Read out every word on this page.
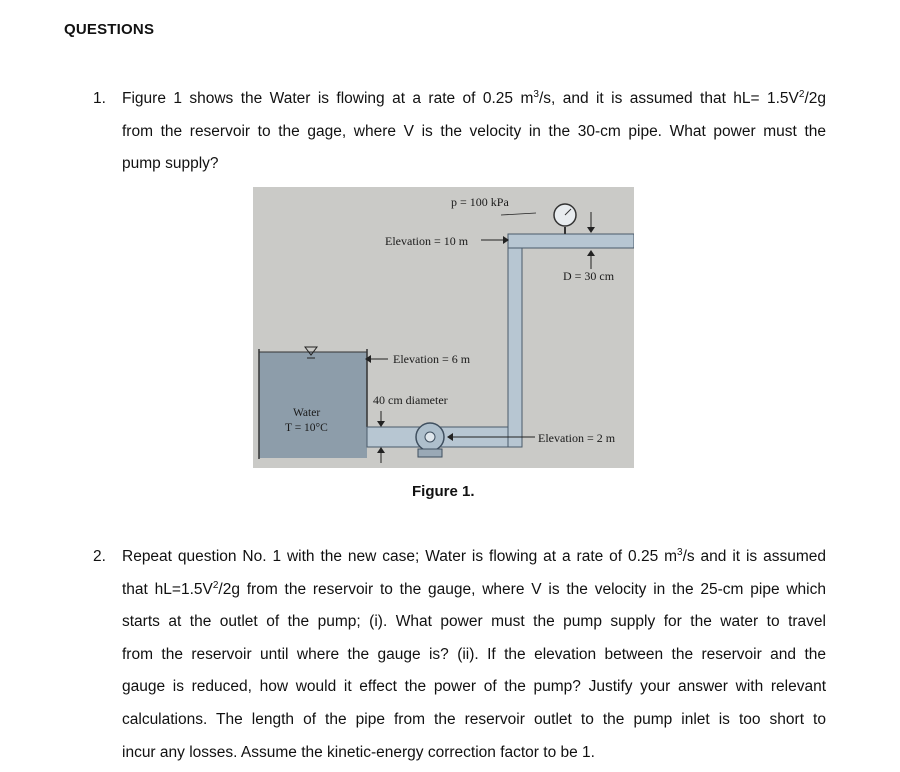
QUESTIONS
1. Figure 1 shows the Water is flowing at a rate of 0.25 $m^3/s$, and it is assumed that $hL= 1.5V^2/2g$
from the reservoir to the gage, where V is the velocity in the 30-cm pipe. What power must the
pump supply?
p = 100 kPa
Elevation = 10 m
D = 30 cm
Elevation = 6 m
40 cm diameter
Water
T = 10°C
Elevation = 2 m
Figure 1.
2. Repeat question No. 1 with the new case; Water is flowing at a rate of 0.25 $m^3/s$ and it is assumed
that $hL=1.5V^2/2g$ from the reservoir to the gauge, where V is the velocity in the 25-cm pipe which
starts at the outlet of the pump; (i). What power must the pump supply for the water to travel
from the reservoir until where the gauge is? (ii). If the elevation between the reservoir and the
gauge is reduced, how would it effect the power of the pump? Justify your answer with relevant
calculations. The length of the pipe from the reservoir outlet to the pump inlet is too short to
incur any losses. Assume the kinetic-energy correction factor to be 1.
